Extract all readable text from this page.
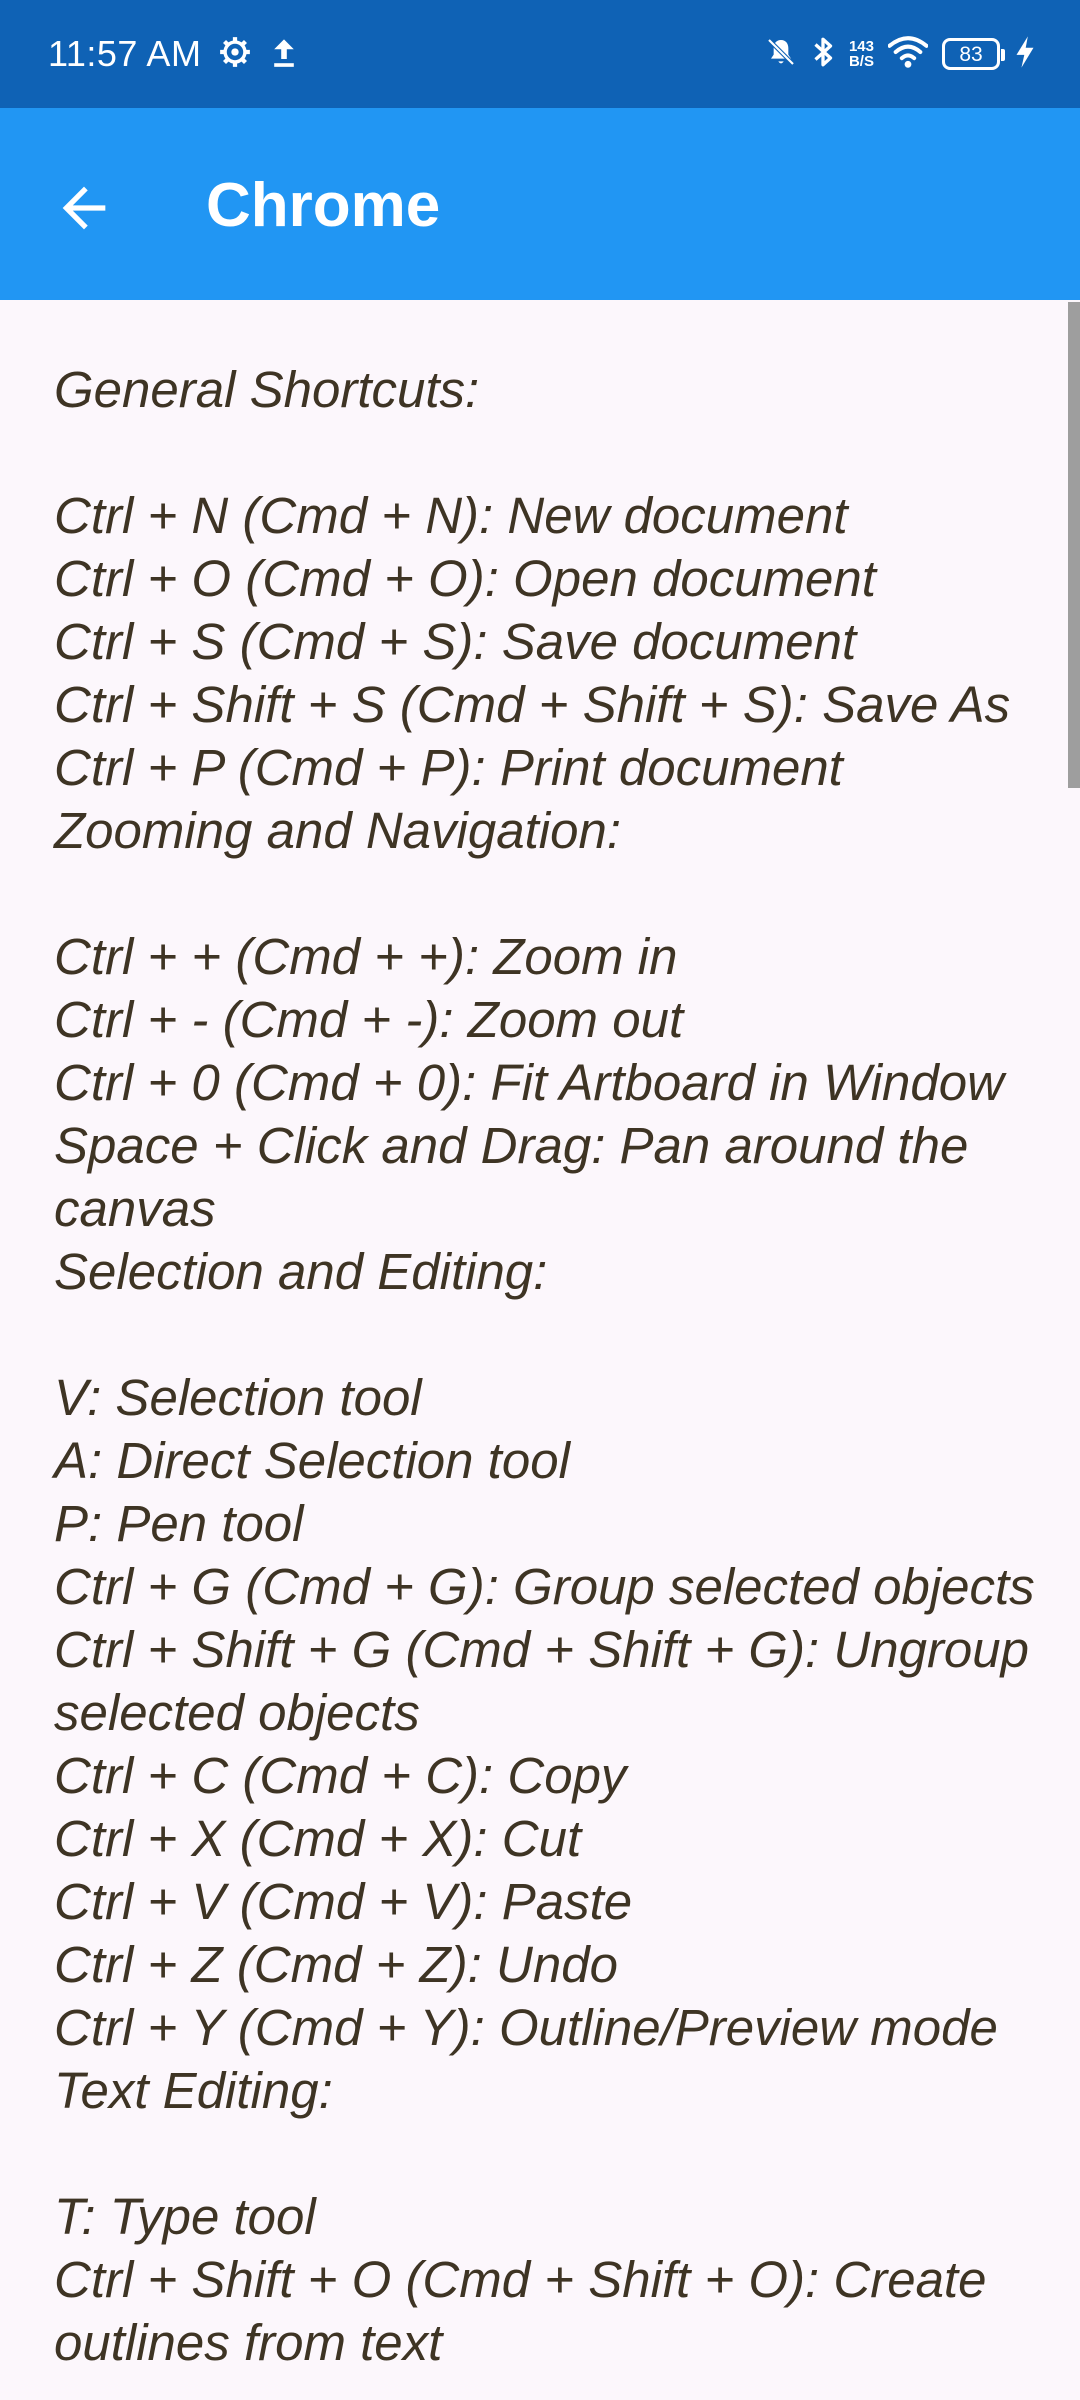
11:57 AM	143
B/S	83
Chrome
General Shortcuts:

Ctrl + N (Cmd + N): New document
Ctrl + O (Cmd + O): Open document
Ctrl + S (Cmd + S): Save document
Ctrl + Shift + S (Cmd + Shift + S): Save As
Ctrl + P (Cmd + P): Print document
Zooming and Navigation:

Ctrl + + (Cmd + +): Zoom in
Ctrl + - (Cmd + -): Zoom out
Ctrl + 0 (Cmd + 0): Fit Artboard in Window
Space + Click and Drag: Pan around the canvas
Selection and Editing:

V: Selection tool
A: Direct Selection tool
P: Pen tool
Ctrl + G (Cmd + G): Group selected objects
Ctrl + Shift + G (Cmd + Shift + G): Ungroup selected objects
Ctrl + C (Cmd + C): Copy
Ctrl + X (Cmd + X): Cut
Ctrl + V (Cmd + V): Paste
Ctrl + Z (Cmd + Z): Undo
Ctrl + Y (Cmd + Y): Outline/Preview mode
Text Editing:

T: Type tool
Ctrl + Shift + O (Cmd + Shift + O): Create outlines from text
